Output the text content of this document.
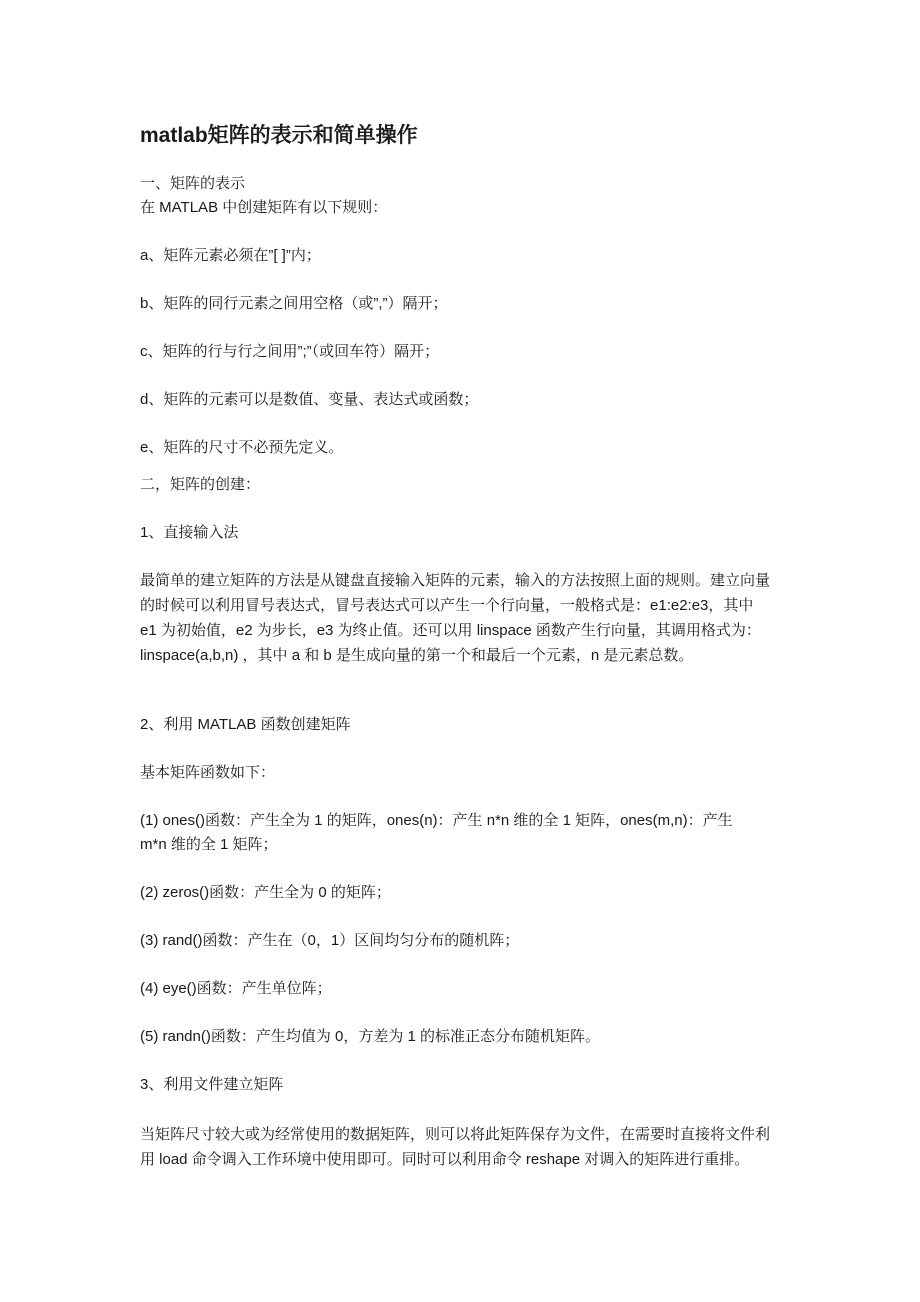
matlab矩阵的表示和简单操作
一、矩阵的表示
在 MATLAB 中创建矩阵有以下规则：
a、矩阵元素必须在”[ ]”内；
b、矩阵的同行元素之间用空格（或”,”）隔开；
c、矩阵的行与行之间用”;”（或回车符）隔开；
d、矩阵的元素可以是数值、变量、表达式或函数；
e、矩阵的尺寸不必预先定义。
二，矩阵的创建：
1、直接输入法
最简单的建立矩阵的方法是从键盘直接输入矩阵的元素，输入的方法按照上面的规则。建立向量
的时候可以利用冒号表达式，冒号表达式可以产生一个行向量，一般格式是：e1:e2:e3，其中
e1 为初始值，e2 为步长，e3 为终止值。还可以用 linspace 函数产生行向量，其调用格式为：
linspace(a,b,n) ，其中 a 和 b 是生成向量的第一个和最后一个元素，n 是元素总数。
2、利用 MATLAB 函数创建矩阵
基本矩阵函数如下：
(1) ones()函数：产生全为 1 的矩阵，ones(n)：产生 n*n 维的全 1 矩阵，ones(m,n)：产生
m*n 维的全 1 矩阵；
(2) zeros()函数：产生全为 0 的矩阵；
(3) rand()函数：产生在（0，1）区间均匀分布的随机阵；
(4) eye()函数：产生单位阵；
(5) randn()函数：产生均值为 0，方差为 1 的标准正态分布随机矩阵。
3、利用文件建立矩阵
当矩阵尺寸较大或为经常使用的数据矩阵，则可以将此矩阵保存为文件，在需要时直接将文件利
用 load 命令调入工作环境中使用即可。同时可以利用命令 reshape 对调入的矩阵进行重排。
